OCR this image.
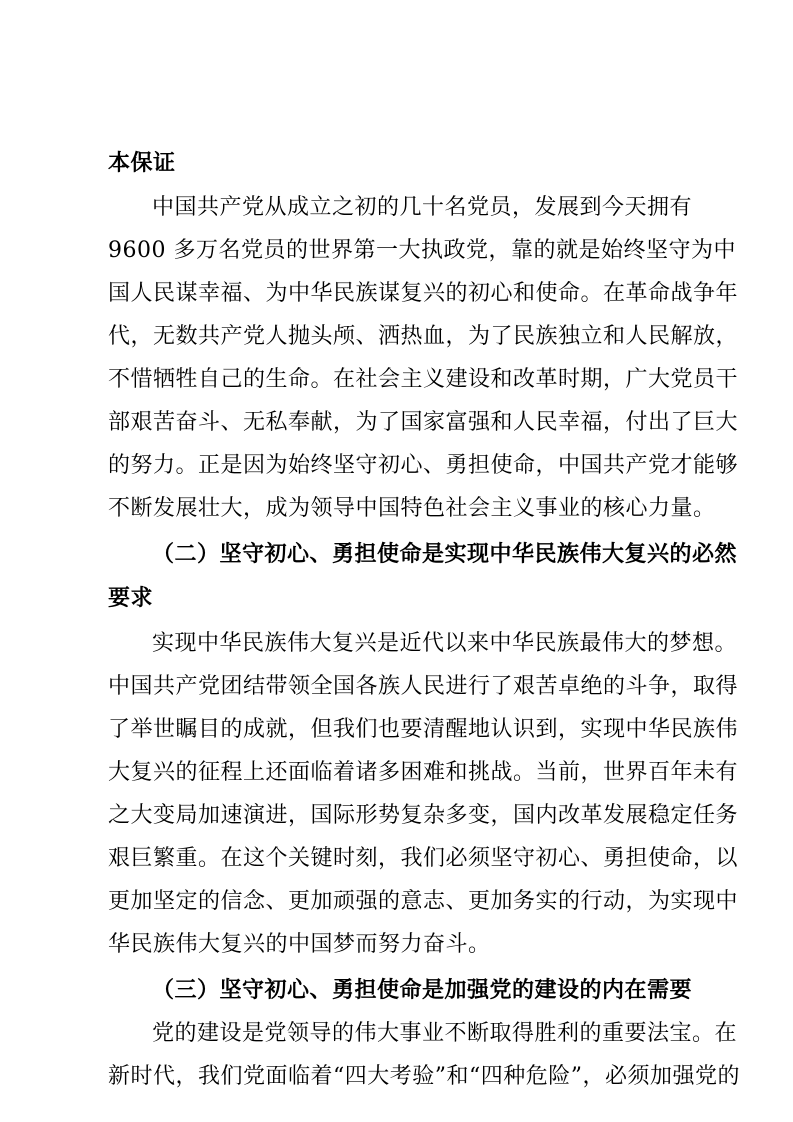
本保证
中国共产党从成立之初的几十名党员，发展到今天拥有
9600 多万名党员的世界第一大执政党，靠的就是始终坚守为中
国人民谋幸福、为中华民族谋复兴的初心和使命。在革命战争年
代，无数共产党人抛头颅、洒热血，为了民族独立和人民解放，
不惜牺牲自己的生命。在社会主义建设和改革时期，广大党员干
部艰苦奋斗、无私奉献，为了国家富强和人民幸福，付出了巨大
的努力。正是因为始终坚守初心、勇担使命，中国共产党才能够
不断发展壮大，成为领导中国特色社会主义事业的核心力量。
（二）坚守初心、勇担使命是实现中华民族伟大复兴的必然
要求
实现中华民族伟大复兴是近代以来中华民族最伟大的梦想。
中国共产党团结带领全国各族人民进行了艰苦卓绝的斗争，取得
了举世瞩目的成就，但我们也要清醒地认识到，实现中华民族伟
大复兴的征程上还面临着诸多困难和挑战。当前，世界百年未有
之大变局加速演进，国际形势复杂多变，国内改革发展稳定任务
艰巨繁重。在这个关键时刻，我们必须坚守初心、勇担使命，以
更加坚定的信念、更加顽强的意志、更加务实的行动，为实现中
华民族伟大复兴的中国梦而努力奋斗。
（三）坚守初心、勇担使命是加强党的建设的内在需要
党的建设是党领导的伟大事业不断取得胜利的重要法宝。在
新时代，我们党面临着“四大考验”和“四种危险”，必须加强党的
